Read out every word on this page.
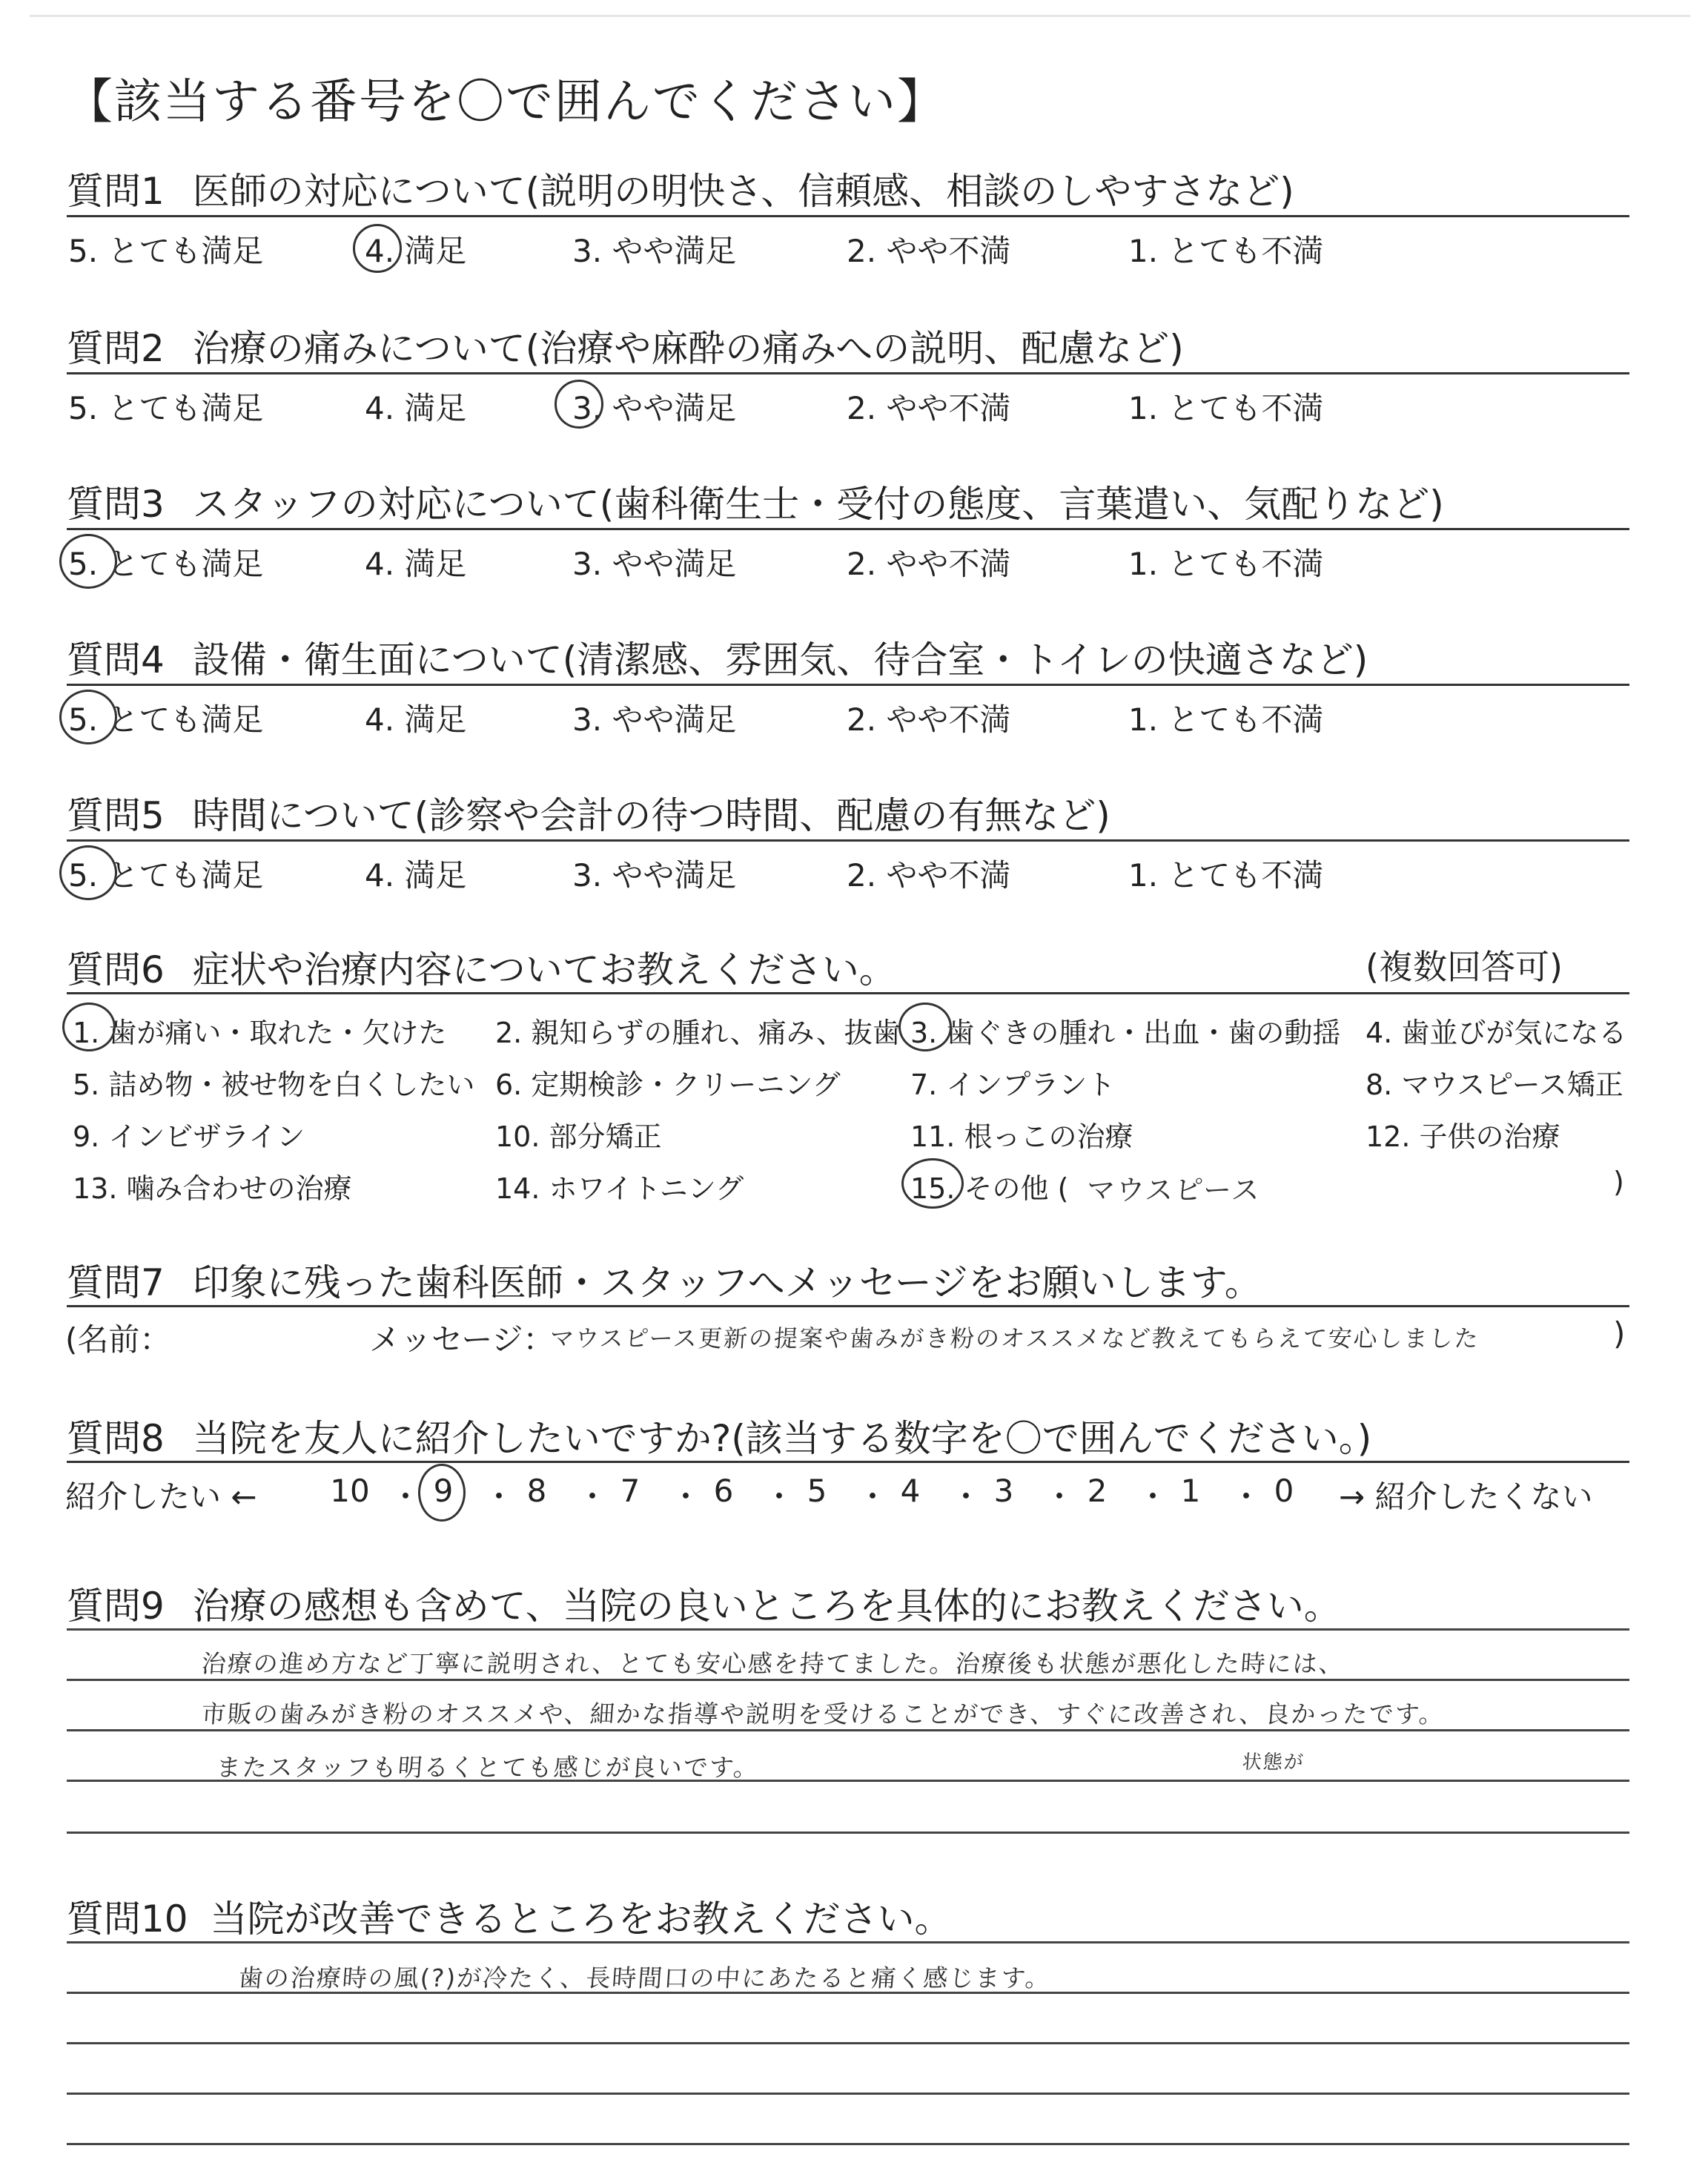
【該当する番号を〇で囲んでください】
質問1 医師の対応について(説明の明快さ、信頼感、相談のしやすさなど)
5. とても満足	4. 満足	3. やや満足	2. やや不満	1. とても不満
質問2 治療の痛みについて(治療や麻酔の痛みへの説明、配慮など)
5. とても満足	4. 満足	3. やや満足	2. やや不満	1. とても不満
質問3 スタッフの対応について(歯科衛生士・受付の態度、言葉遣い、気配りなど)
5. とても満足	4. 満足	3. やや満足	2. やや不満	1. とても不満
質問4 設備・衛生面について(清潔感、雰囲気、待合室・トイレの快適さなど)
5. とても満足	4. 満足	3. やや満足	2. やや不満	1. とても不満
質問5 時間について(診察や会計の待つ時間、配慮の有無など)
5. とても満足	4. 満足	3. やや満足	2. やや不満	1. とても不満
質問6 症状や治療内容についてお教えください。	(複数回答可)
1. 歯が痛い・取れた・欠けた 2. 親知らずの腫れ、痛み、抜歯 3. 歯ぐきの腫れ・出血・歯の動揺 4. 歯並びが気になる
5. 詰め物・被せ物を白くしたい 6. 定期検診・クリーニング 7. インプラント	8. マウスピース矯正
9. インビザライン	10. 部分矯正	11. 根っこの治療	12. 子供の治療
13. 噛み合わせの治療	14. ホワイトニング	15. その他 ( マウスピース	)
質問7 印象に残った歯科医師・スタッフへメッセージをお願いします。
(名前：	メッセージ：
マウスピース更新の提案や歯みがき粉のオススメなど教えてもらえて安心しました	)
質問8 当院を友人に紹介したいですか?(該当する数字を〇で囲んでください。)
紹介したい ←	→ 紹介したくない
10 ・ 9 ・ 8 ・ 7 ・ 6 ・ 5 ・ 4 ・ 3 ・ 2 ・ 1 ・ 0
質問9 治療の感想も含めて、当院の良いところを具体的にお教えください。
治療の進め方など丁寧に説明され、とても安心感を持てました。治療後も状態が悪化した時には、
市販の歯みがき粉のオススメや、細かな指導や説明を受けることができ、すぐに改善され、良かったです。
またスタッフも明るくとても感じが良いです。	状態が
質問10 当院が改善できるところをお教えください。
歯の治療時の風(?)が冷たく、長時間口の中にあたると痛く感じます。
